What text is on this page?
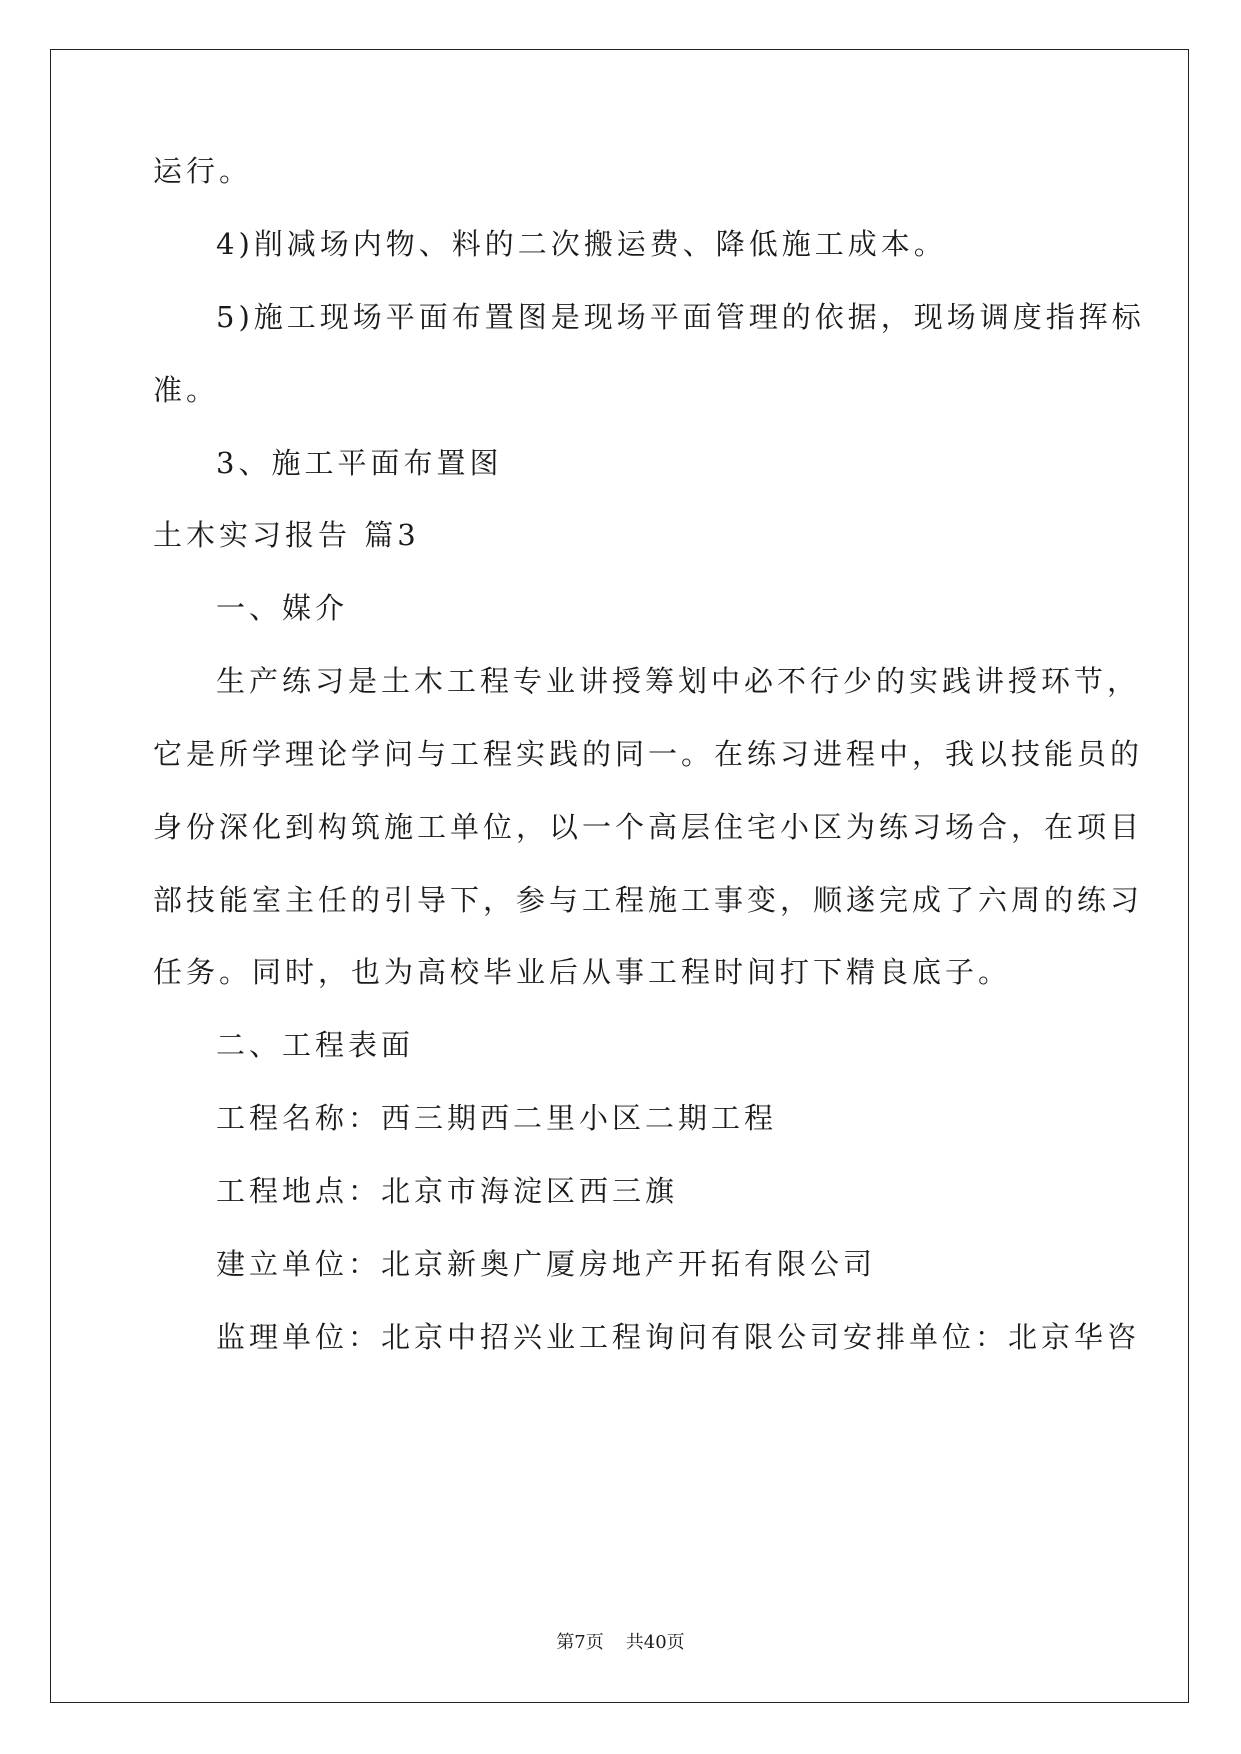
运行。
4)削减场内物、料的二次搬运费、降低施工成本。
5)施工现场平面布置图是现场平面管理的依据，现场调度指挥标
准。
3、施工平面布置图
土木实习报告 篇3
一、媒介
生产练习是土木工程专业讲授筹划中必不行少的实践讲授环节，
它是所学理论学问与工程实践的同一。在练习进程中，我以技能员的
身份深化到构筑施工单位，以一个高层住宅小区为练习场合，在项目
部技能室主任的引导下，参与工程施工事变，顺遂完成了六周的练习
任务。同时，也为高校毕业后从事工程时间打下精良底子。
二、工程表面
工程名称：西三期西二里小区二期工程
工程地点：北京市海淀区西三旗
建立单位：北京新奥广厦房地产开拓有限公司
监理单位：北京中招兴业工程询问有限公司安排单位：北京华咨
第7页 共40页
